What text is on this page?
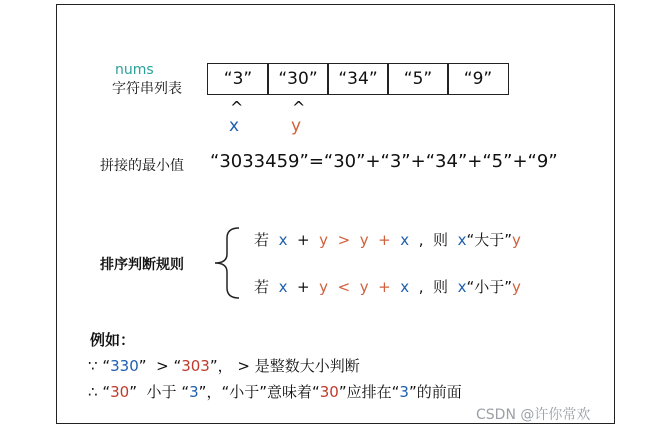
nums
字符串列表	“3”	“30”	“34”	“5”	“9”
^	^
x	y
拼接的最小值 “3033459”=“30”+“3”+“34”+“5”+“9”
排序判断规则
若 x + y > y + x , 则 x“大于”y
若 x + y < y + x , 则 x“小于”y
例如：
∵ “330” > “303”， > 是整数大小判断
∴ “30” 小于 “3”，“小于”意味着“30”应排在“3”的前面
CSDN @许你常欢
